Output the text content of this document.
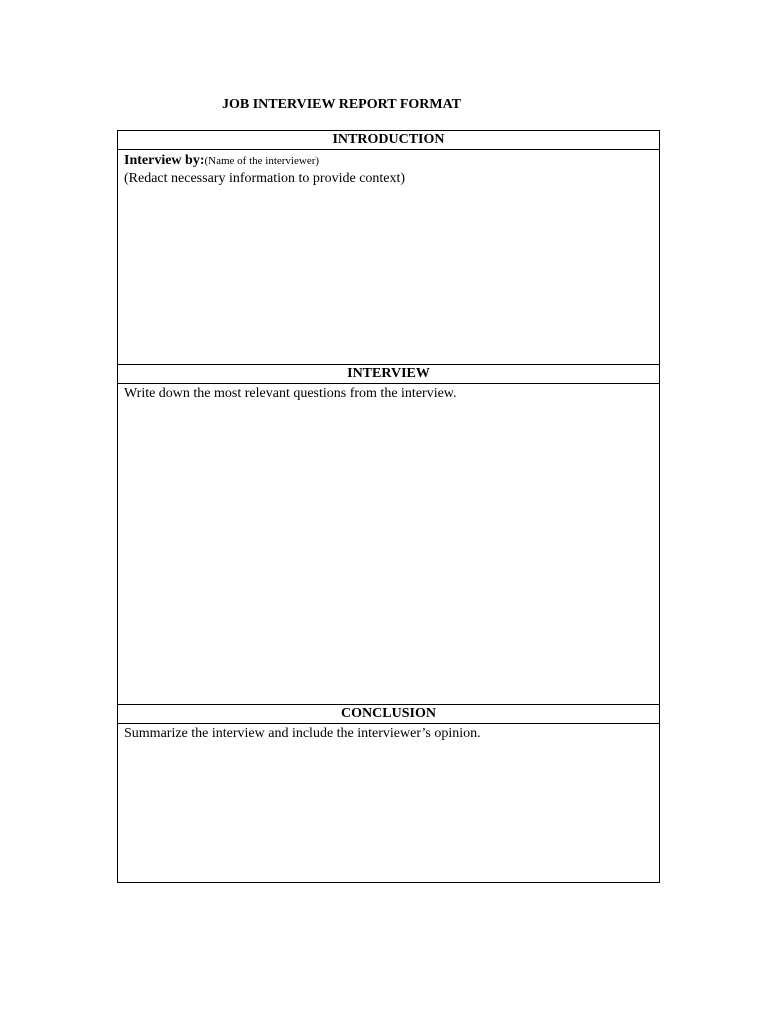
JOB INTERVIEW REPORT FORMAT
INTRODUCTION
Interview by:(Name of the interviewer)
(Redact necessary information to provide context)
INTERVIEW
Write down the most relevant questions from the interview.
CONCLUSION
Summarize the interview and include the interviewer’s opinion.
